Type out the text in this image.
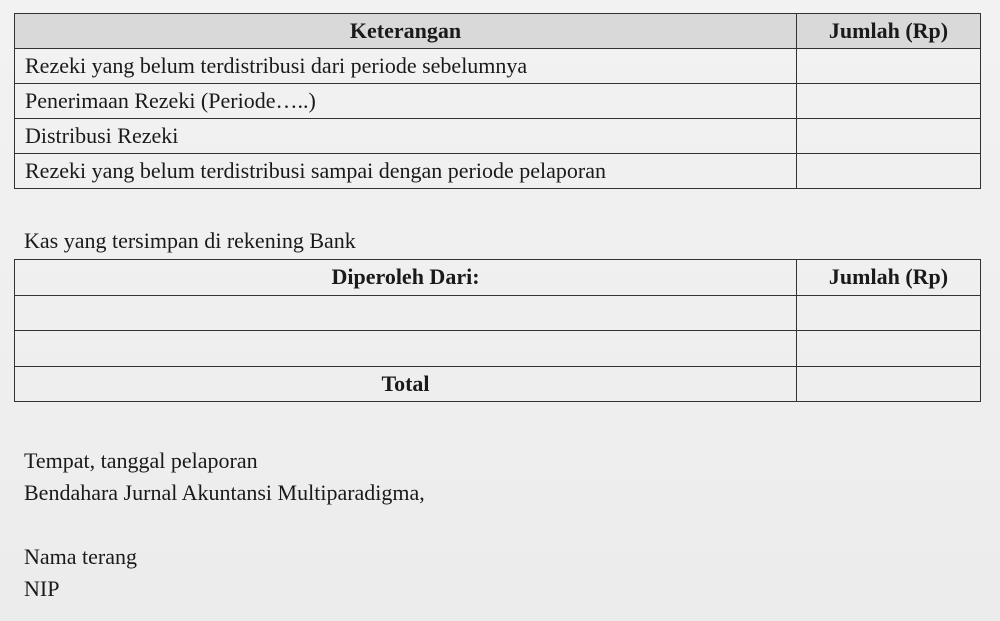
Keterangan	Jumlah (Rp)
Rezeki yang belum terdistribusi dari periode sebelumnya	
Penerimaan Rezeki (Periode…..)	
Distribusi Rezeki	
Rezeki yang belum terdistribusi sampai dengan periode pelaporan	
Kas yang tersimpan di rekening Bank
Diperoleh Dari:	Jumlah (Rp)

Total	
Tempat, tanggal pelaporan
Bendahara Jurnal Akuntansi Multiparadigma,
Nama terang
NIP
